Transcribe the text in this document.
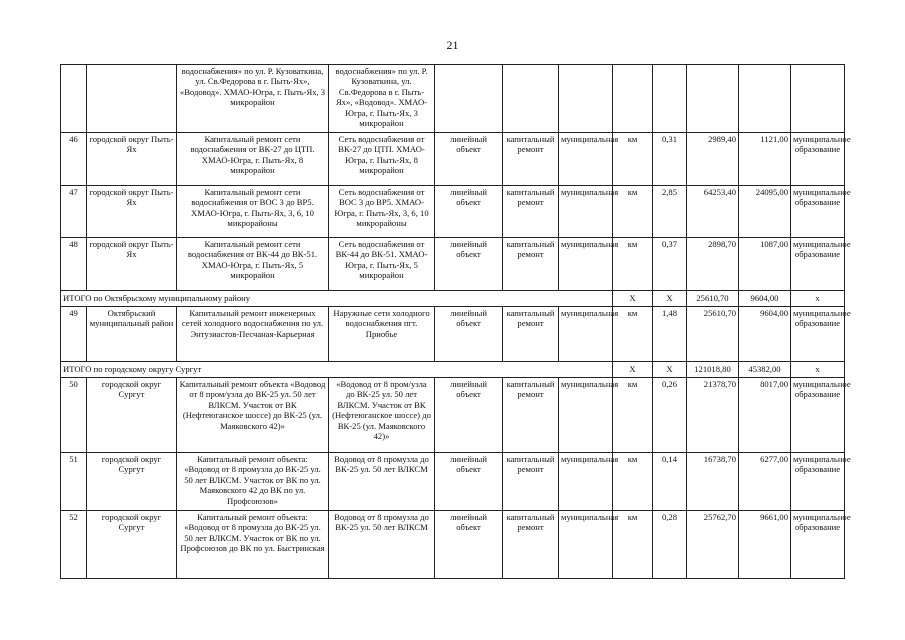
21
		водоснабжения» по ул. Р. Кузоваткина, ул. Св.Федорова в г. Пыть-Ях», «Водовод». ХМАО-Югра, г. Пыть-Ях, 3 микрорайон	водоснабжения» по ул. Р. Кузоваткина, ул. Св.Федорова в г. Пыть-Ях», «Водовод». ХМАО-Югра, г. Пыть-Ях, 3 микрорайон								
46	городской округ Пыть-Ях	Капитальный ремонт сети водоснабжения от ВК-27 до ЦТП. ХМАО-Югра, г. Пыть-Ях, 8 микрорайон	Сеть водоснабжения от ВК-27 до ЦТП. ХМАО-Югра, г. Пыть-Ях, 8 микрорайон	линейный объект	капитальный ремонт	муниципальная	км	0,31	2989,40	1121,00	муниципальное образование
47	городской округ Пыть-Ях	Капитальный ремонт сети водоснабжения от ВОС 3 до ВР5. ХМАО-Югра, г. Пыть-Ях, 3, 6, 10 микрорайоны	Сеть водоснабжения от ВОС 3 до ВР5. ХМАО-Югра, г. Пыть-Ях, 3, 6, 10 микрорайоны	линейный объект	капитальный ремонт	муниципальная	км	2,85	64253,40	24095,00	муниципальное образование
48	городской округ Пыть-Ях	Капитальный ремонт сети водоснабжения от ВК-44 до ВК-51. ХМАО-Югра, г. Пыть-Ях, 5 микрорайон	Сеть водоснабжения от ВК-44 до ВК-51. ХМАО-Югра, г. Пыть-Ях, 5 микрорайон	линейный объект	капитальный ремонт	муниципальная	км	0,37	2898,70	1087,00	муниципальное образование
ИТОГО по Октябрьскому муниципальному району							X	X	25610,70	9604,00	x
49	Октябрьский муниципальный район	Капитальный ремонт инженерных сетей холодного водоснабжения по ул. Энтузиастов-Песчаная-Карьерная	Наружные сети холодного водоснабжения пгт. Приобье	линейный объект	капитальный ремонт	муниципальная	км	1,48	25610,70	9604,00	муниципальное образование
ИТОГО по городскому округу Сургут							X	X	121018,80	45382,00	x
50	городской округ Сургут	Капитальный ремонт объекта «Водовод от 8 пром/узла до ВК-25 ул. 50 лет ВЛКСМ. Участок от ВК (Нефтеюганское шоссе) до ВК-25 (ул. Маяковского 42)»	«Водовод от 8 пром/узла до ВК-25 ул. 50 лет ВЛКСМ. Участок от ВК (Нефтеюганское шоссе) до ВК-25 (ул. Маяковского 42)»	линейный объект	капитальный ремонт	муниципальная	км	0,26	21378,70	8017,00	муниципальное образование
51	городской округ Сургут	Капитальный ремонт объекта: «Водовод от 8 промузла до ВК-25 ул. 50 лет ВЛКСМ. Участок от ВК по ул. Маяковского 42 до ВК по ул. Профсоюзов»	Водовод от 8 промузла до ВК-25 ул. 50 лет ВЛКСМ	линейный объект	капитальный ремонт	муниципальная	км	0,14	16738,70	6277,00	муниципальное образование
52	городской округ Сургут	Капитальный ремонт объекта: «Водовод от 8 промузла до ВК-25 ул. 50 лет ВЛКСМ. Участок от ВК по ул. Профсоюзов до ВК по ул. Быстринская	Водовод от 8 промузла до ВК-25 ул. 50 лет ВЛКСМ	линейный объект	капитальный ремонт	муниципальная	км	0,28	25762,70	9661,00	муниципальное образование
